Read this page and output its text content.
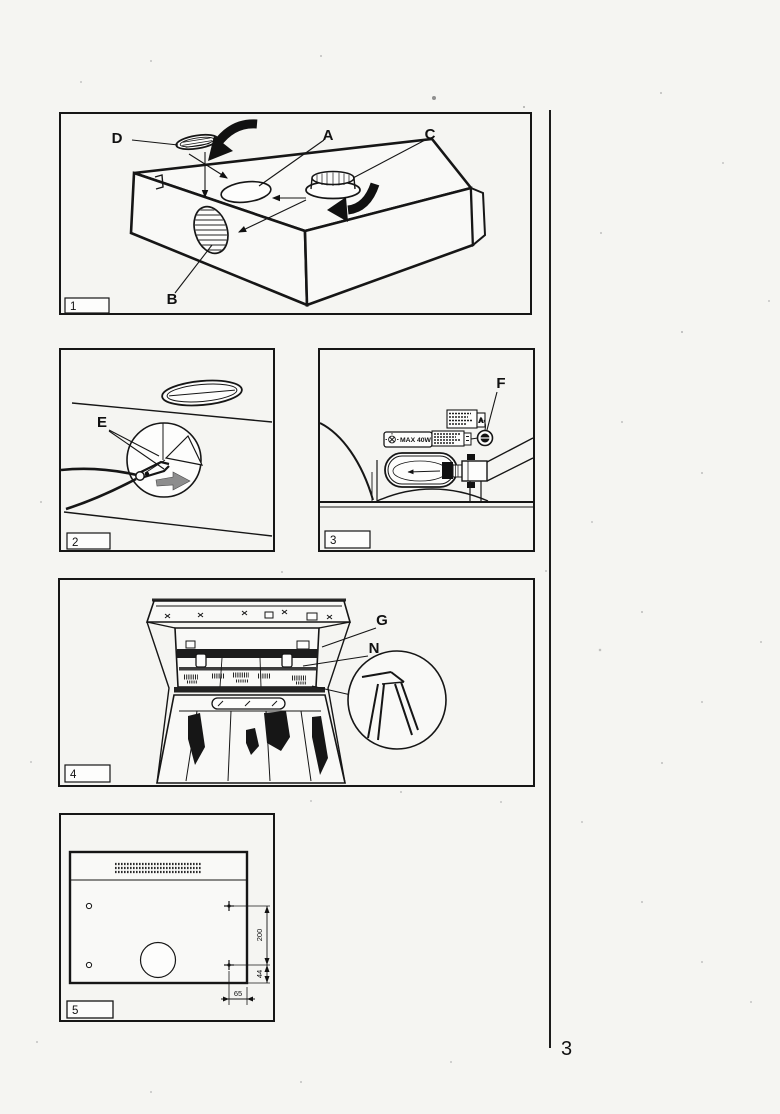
D	A	C
B
1
E
2
MAX 40W
A
F
3
G
N
4
200
44
65
5
3
